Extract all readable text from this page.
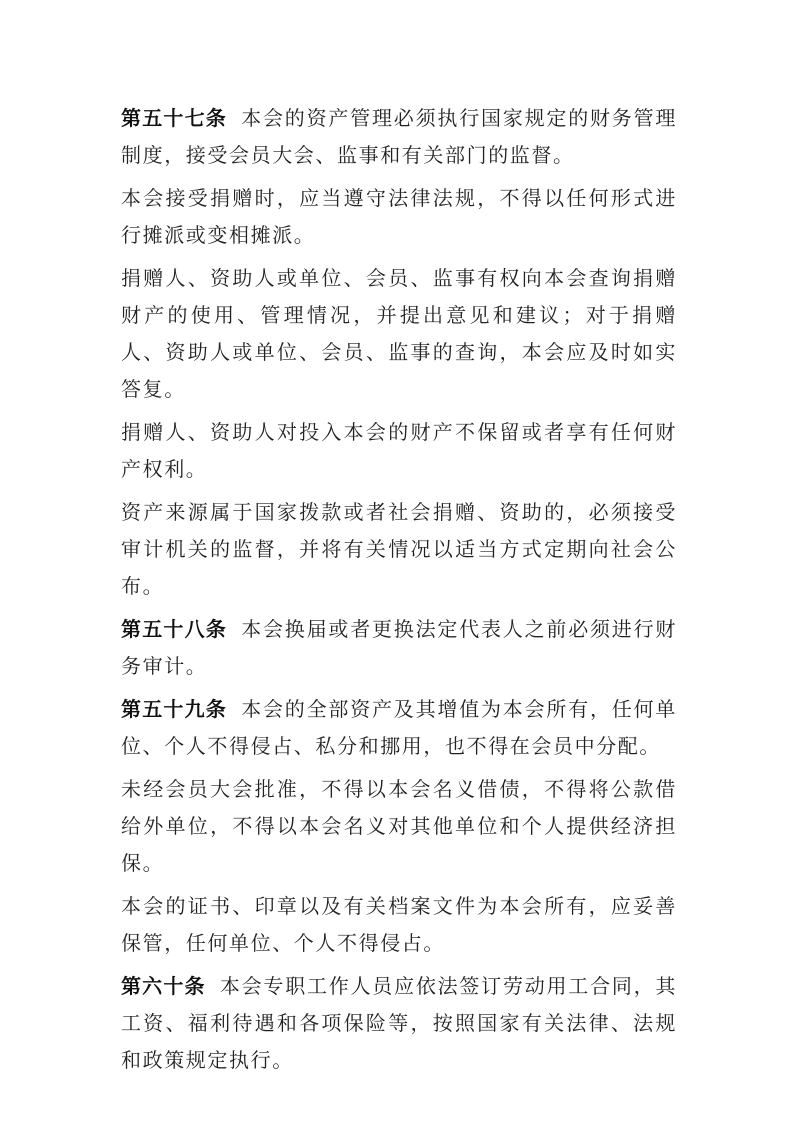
第五十七条 本会的资产管理必须执行国家规定的财务管理制度，接受会员大会、监事和有关部门的监督。

本会接受捐赠时，应当遵守法律法规，不得以任何形式进行摊派或变相摊派。

捐赠人、资助人或单位、会员、监事有权向本会查询捐赠财产的使用、管理情况，并提出意见和建议；对于捐赠人、资助人或单位、会员、监事的查询，本会应及时如实答复。

捐赠人、资助人对投入本会的财产不保留或者享有任何财产权利。

资产来源属于国家拨款或者社会捐赠、资助的，必须接受审计机关的监督，并将有关情况以适当方式定期向社会公布。

第五十八条 本会换届或者更换法定代表人之前必须进行财务审计。

第五十九条 本会的全部资产及其增值为本会所有，任何单位、个人不得侵占、私分和挪用，也不得在会员中分配。

未经会员大会批准，不得以本会名义借债，不得将公款借给外单位，不得以本会名义对其他单位和个人提供经济担保。

本会的证书、印章以及有关档案文件为本会所有，应妥善保管，任何单位、个人不得侵占。

第六十条 本会专职工作人员应依法签订劳动用工合同，其工资、福利待遇和各项保险等，按照国家有关法律、法规和政策规定执行。
